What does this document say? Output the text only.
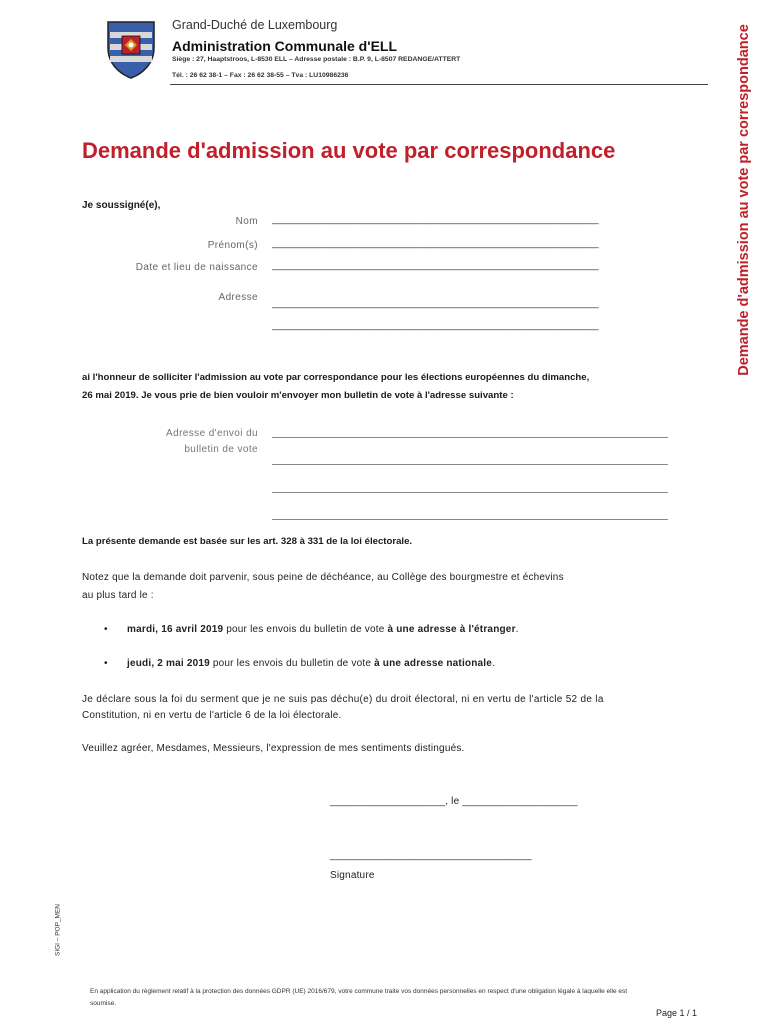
Grand-Duché de Luxembourg
Administration Communale d'ELL
Siège : 27, Haaptstroos, L-8530 ELL – Adresse postale : B.P. 9, L-8507 REDANGE/ATTERT
Tél. : 26 62 38-1 – Fax : 26 62 38-55 – Tva : LU10986236	Demande d'admission au vote par correspondance
Demande d'admission au vote par correspondance
Je soussigné(e),
Nom ______________________________________________________________
Prénom(s) ______________________________________________________________
Date et lieu de naissance ______________________________________________________________
Adresse
______________________________________________________________
______________________________________________________________
ai l'honneur de solliciter l'admission au vote par correspondance pour les élections européennes du dimanche,
26 mai 2019. Je vous prie de bien vouloir m'envoyer mon bulletin de vote à l'adresse suivante :
Adresse d'envoi du
bulletin de vote
La présente demande est basée sur les art. 328 à 331 de la loi électorale.
Notez que la demande doit parvenir, sous peine de déchéance, au Collège des bourgmestre et échevins
au plus tard le :
• mardi, 16 avril 2019 pour les envois du bulletin de vote à une adresse à l'étranger.
• jeudi, 2 mai 2019 pour les envois du bulletin de vote à une adresse nationale.
Je déclare sous la foi du serment que je ne suis pas déchu(e) du droit électoral, ni en vertu de l'article 52 de la
Constitution, ni en vertu de l'article 6 de la loi électorale.
Veuillez agréer, Mesdames, Messieurs, l'expression de mes sentiments distingués.
____________________, le ____________________
___________________________________
Signature
SIGI – POP_MEN
En application du règlement relatif à la protection des données GDPR (UE) 2016/679, votre commune traite vos données personnelles en respect d'une obligation légale à laquelle elle est
soumise.
Page 1 / 1
